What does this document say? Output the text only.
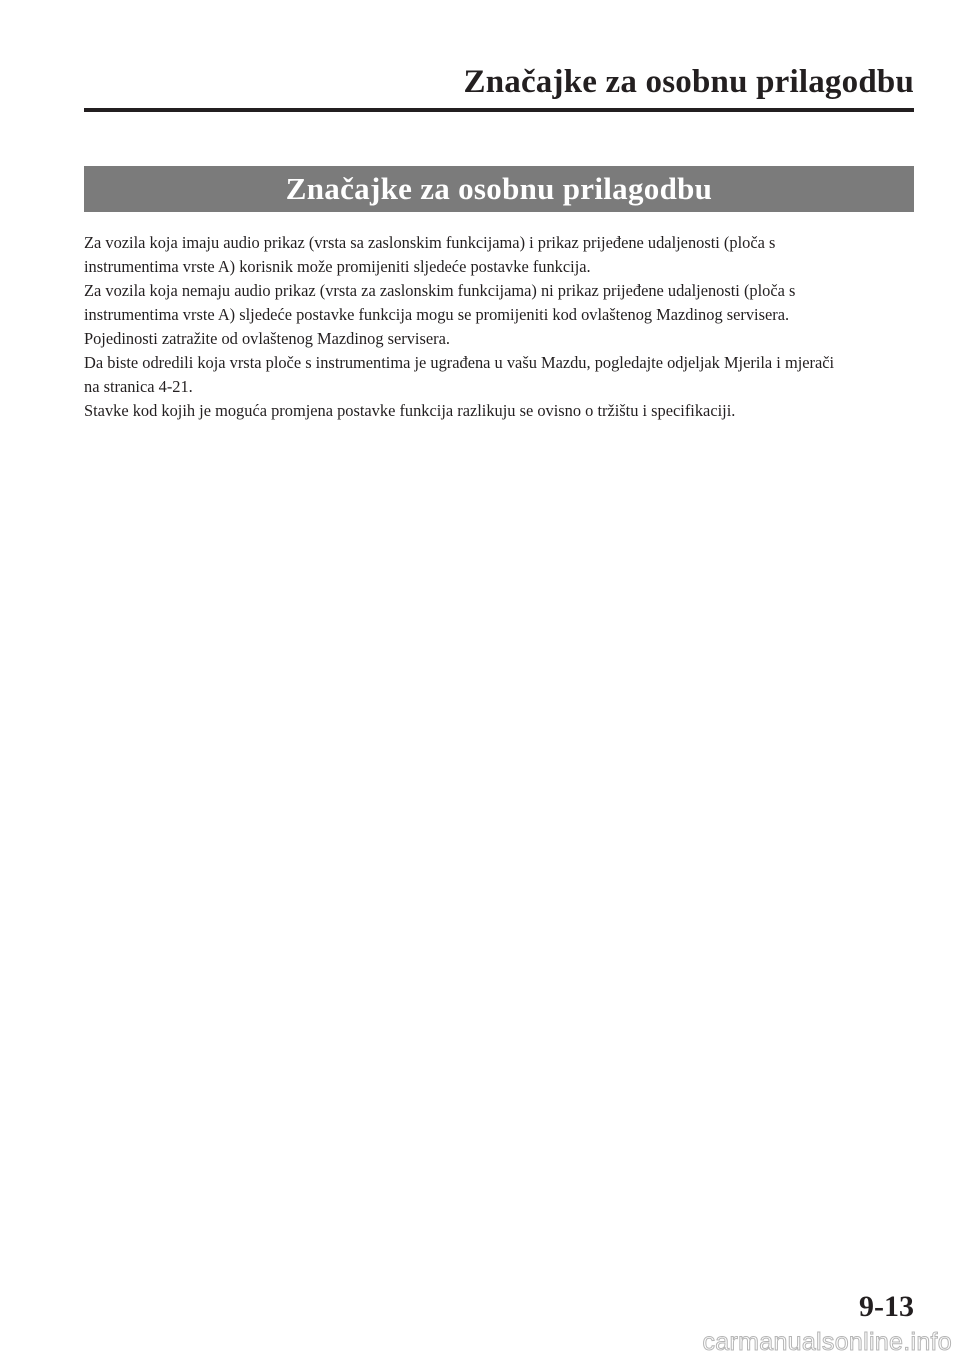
Značajke za osobnu prilagodbu
Značajke za osobnu prilagodbu

Za vozila koja imaju audio prikaz (vrsta sa zaslonskim funkcijama) i prikaz prijeđene udaljenosti (ploča s

instrumentima vrste A) korisnik može promijeniti sljedeće postavke funkcija.

Za vozila koja nemaju audio prikaz (vrsta za zaslonskim funkcijama) ni prikaz prijeđene udaljenosti (ploča s

instrumentima vrste A) sljedeće postavke funkcija mogu se promijeniti kod ovlaštenog Mazdinog servisera.

Pojedinosti zatražite od ovlaštenog Mazdinog servisera.

Da biste odredili koja vrsta ploče s instrumentima je ugrađena u vašu Mazdu, pogledajte odjeljak Mjerila i mjerači

na stranica 4-21.

Stavke kod kojih je moguća promjena postavke funkcija razlikuju se ovisno o tržištu i specifikaciji.

9-13
carmanualsonline.info
